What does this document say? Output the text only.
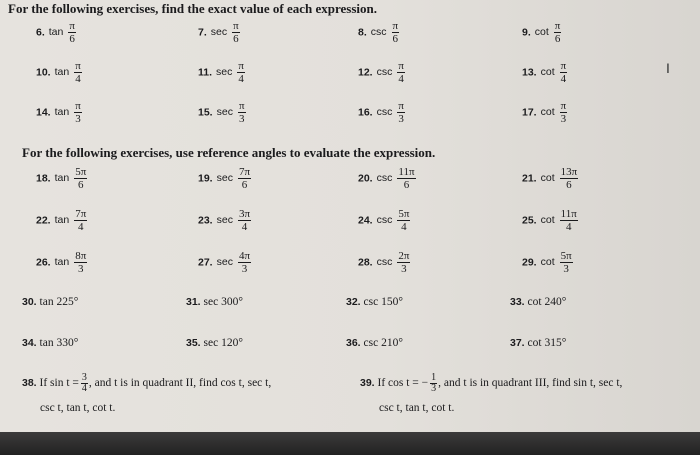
For the following exercises, find the exact value of each expression.
6. $\tan \frac{\pi}{6}$	7. $\sec \frac{\pi}{6}$	8. $\csc \frac{\pi}{6}$	9. $\cot \frac{\pi}{6}$
10. $\tan \frac{\pi}{4}$	11. $\sec \frac{\pi}{4}$	12. $\csc \frac{\pi}{4}$	13. $\cot \frac{\pi}{4}$
14. $\tan \frac{\pi}{3}$	15. $\sec \frac{\pi}{3}$	16. $\csc \frac{\pi}{3}$	17. $\cot \frac{\pi}{3}$
For the following exercises, use reference angles to evaluate the expression.
18. $\tan \frac{5\pi}{6}$	19. $\sec \frac{7\pi}{6}$	20. $\csc \frac{11\pi}{6}$	21. $\cot \frac{13\pi}{6}$
22. $\tan \frac{7\pi}{4}$	23. $\sec \frac{3\pi}{4}$	24. $\csc \frac{5\pi}{4}$	25. $\cot \frac{11\pi}{4}$
26. $\tan \frac{8\pi}{3}$	27. $\sec \frac{4\pi}{3}$	28. $\csc \frac{2\pi}{3}$	29. $\cot \frac{5\pi}{3}$
30. tan 225°	31. sec 300°	32. csc 150°	33. cot 240°
34. tan 330°	35. sec 120°	36. csc 210°	37. cot 315°
38. If $\sin t = \frac{3}{4}$ , and t is in quadrant II, find cos t, sec t,
csc t, tan t, cot t.
39. If cos t = − $\frac{1}{3}$ , and t is in quadrant III, find sin t, sec t,
csc t, tan t, cot t.
I
